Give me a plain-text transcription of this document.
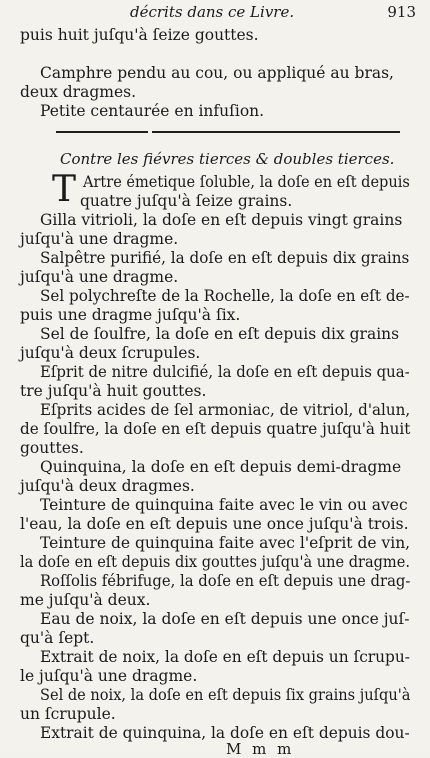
décrits dans ce Livre.	913
puis huit juſqu'à ſeize gouttes.
Camphre pendu au cou, ou appliqué au bras,
deux dragmes.
Petite centaurée en infuſion.
Contre les fiévres tierces & doubles tierces.
T Artre émetique ſoluble, la doſe en eſt depuis
quatre juſqu'à ſeize grains.
Gilla vitrioli, la doſe en eſt depuis vingt grains
juſqu'à une dragme.
Salpêtre purifié, la doſe en eſt depuis dix grains
juſqu'à une dragme.
Sel polychreſte de la Rochelle, la doſe en eſt de-
puis une dragme juſqu'à ſix.
Sel de ſoulfre, la doſe en eſt depuis dix grains
juſqu'à deux ſcrupules.
Eſprit de nitre dulcifié, la doſe en eſt depuis qua-
tre juſqu'à huit gouttes.
Eſprits acides de ſel armoniac, de vitriol, d'alun,
de ſoulfre, la doſe en eſt depuis quatre juſqu'à huit
gouttes.
Quinquina, la doſe en eſt depuis demi-dragme
juſqu'à deux dragmes.
Teinture de quinquina faite avec le vin ou avec
l'eau, la doſe en eſt depuis une once juſqu'à trois.
Teinture de quinquina faite avec l'eſprit de vin,
la doſe en eſt depuis dix gouttes juſqu'à une dragme.
Roſſolis fébrifuge, la doſe en eſt depuis une drag-
me juſqu'à deux.
Eau de noix, la doſe en eſt depuis une once juſ-
qu'à ſept.
Extrait de noix, la doſe en eſt depuis un ſcrupu-
le juſqu'à une dragme.
Sel de noix, la doſe en eſt depuis ſix grains juſqu'à
un ſcrupule.
Extrait de quinquina, la doſe en eſt depuis dou-
M m m
